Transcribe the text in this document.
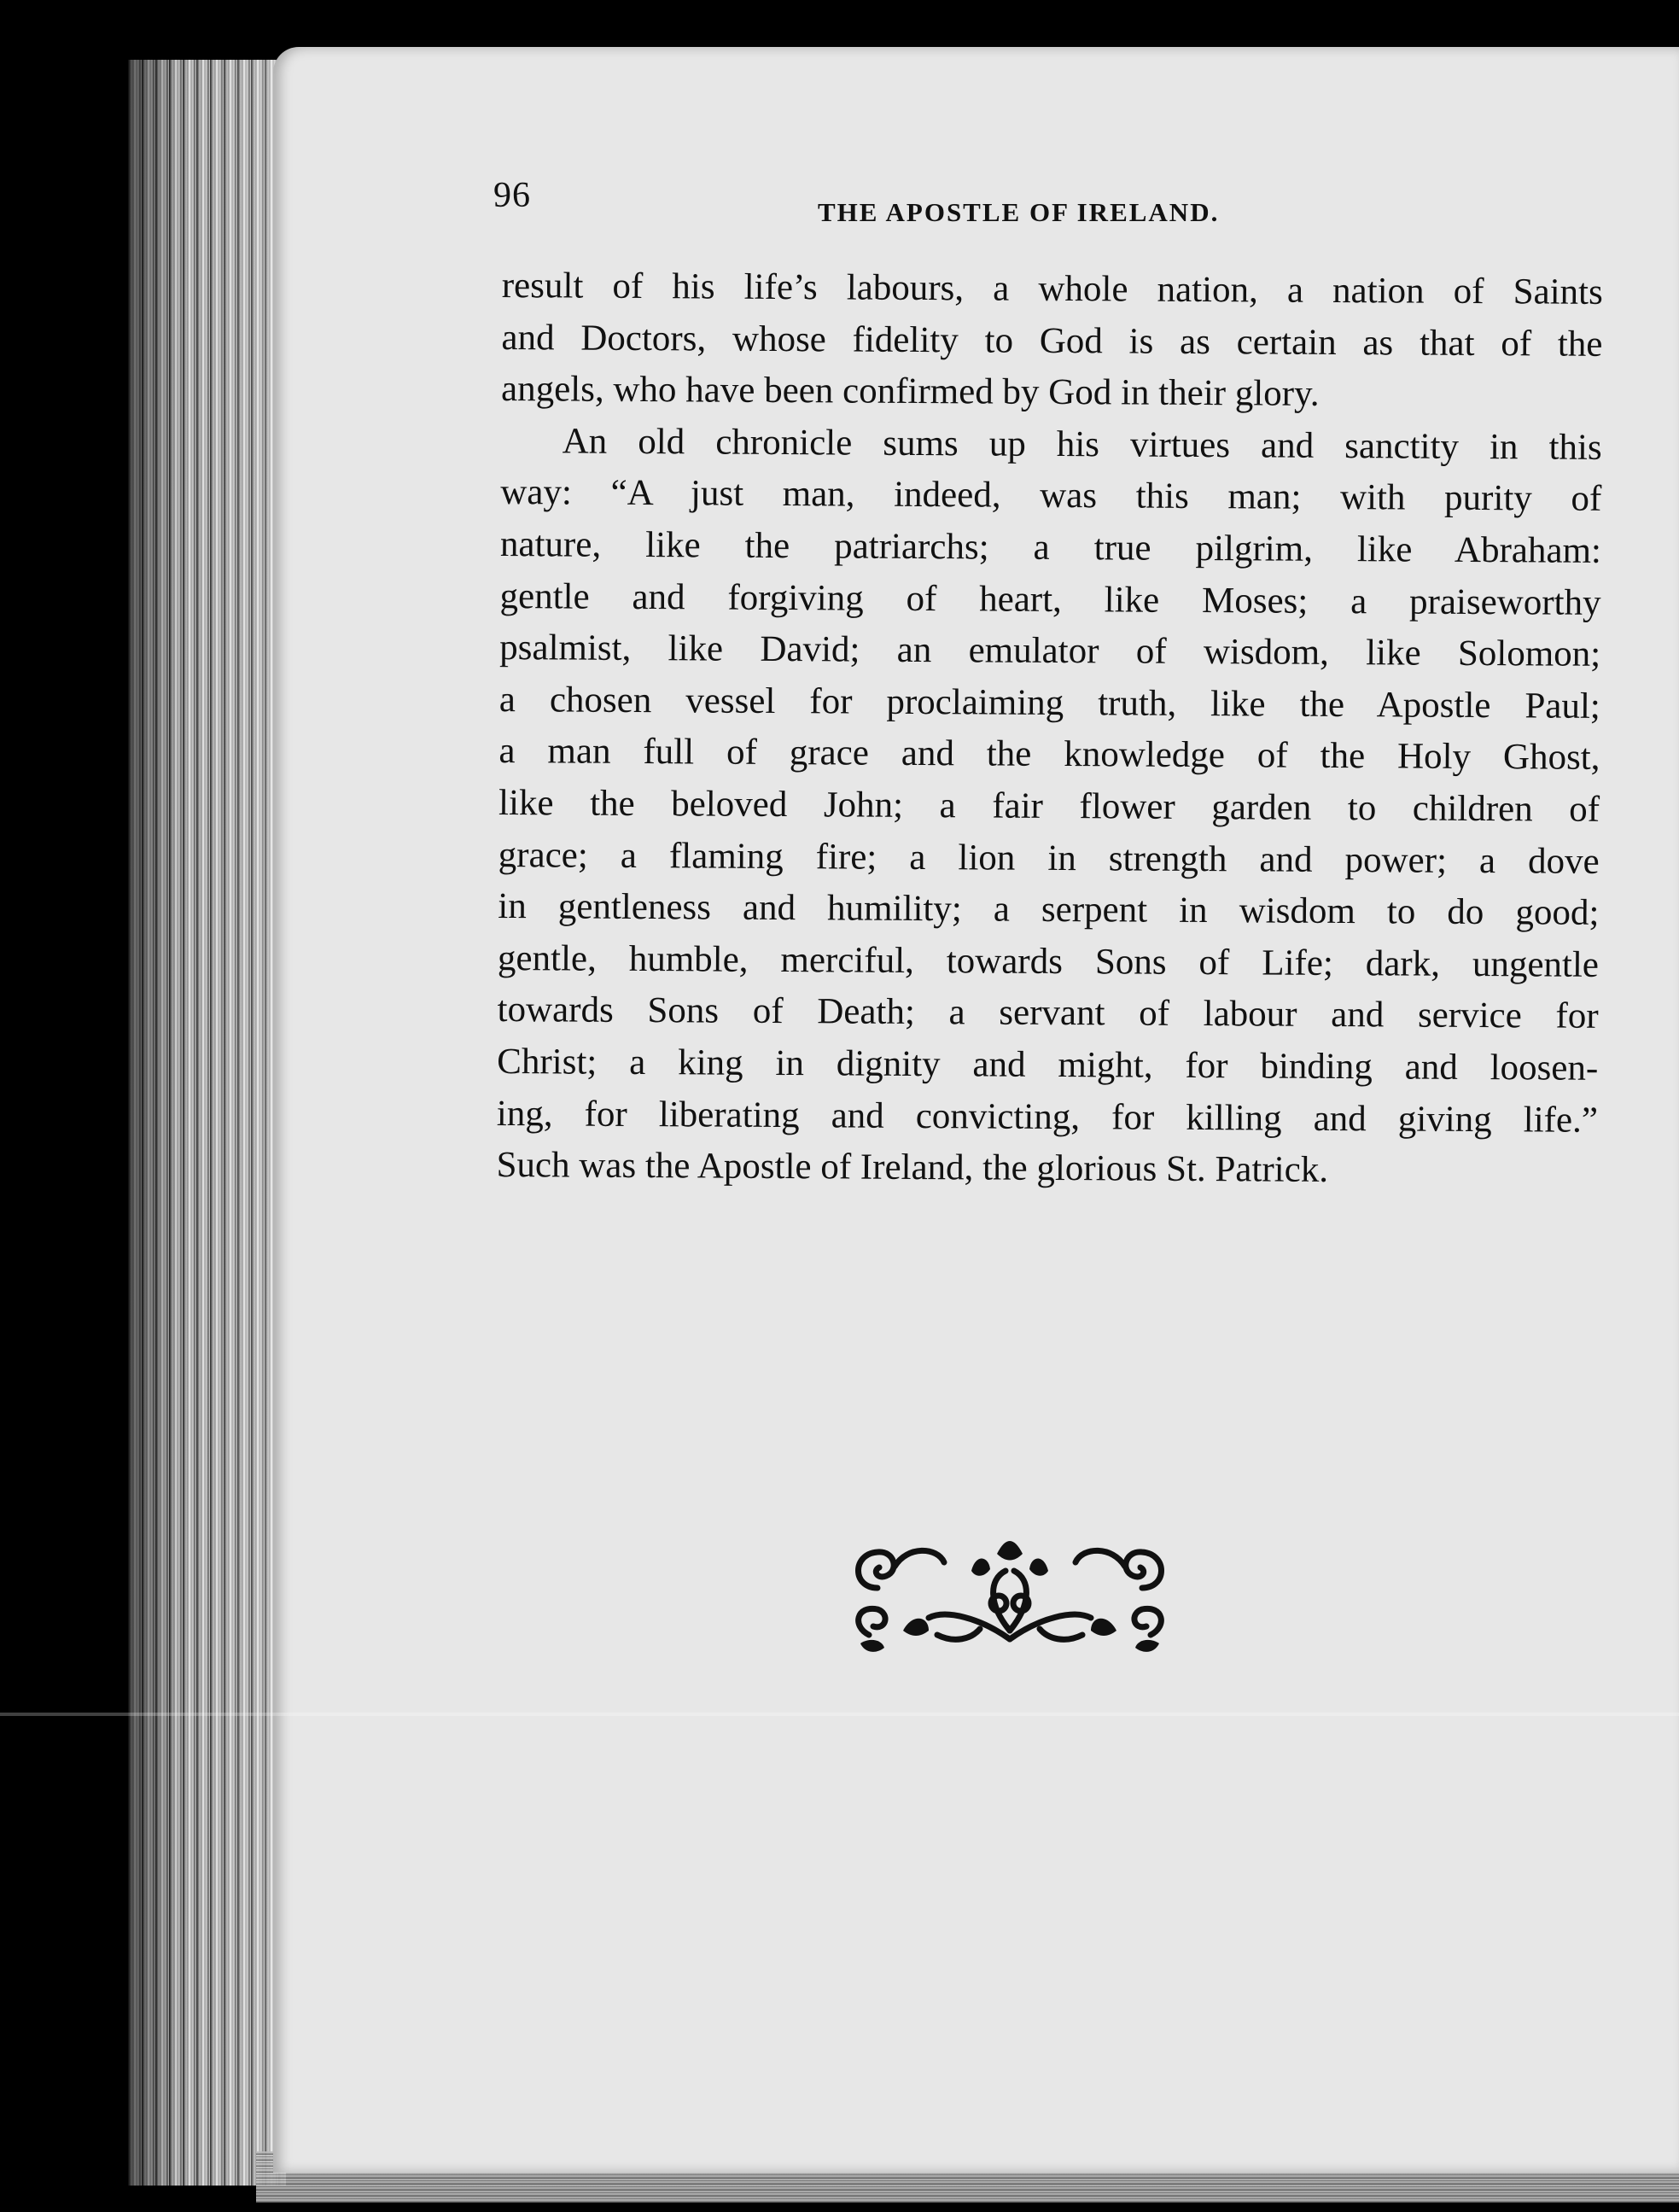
96	THE APOSTLE OF IRELAND.
result of his life’s labours, a whole nation, a nation of Saints
and Doctors, whose fidelity to God is as certain as that of the
angels, who have been confirmed by God in their glory.
An old chronicle sums up his virtues and sanctity in this
way: “A just man, indeed, was this man; with purity of
nature, like the patriarchs; a true pilgrim, like Abraham:
gentle and forgiving of heart, like Moses; a praiseworthy
psalmist, like David; an emulator of wisdom, like Solomon;
a chosen vessel for proclaiming truth, like the Apostle Paul;
a man full of grace and the knowledge of the Holy Ghost,
like the beloved John; a fair flower garden to children of
grace; a flaming fire; a lion in strength and power; a dove
in gentleness and humility; a serpent in wisdom to do good;
gentle, humble, merciful, towards Sons of Life; dark, ungentle
towards Sons of Death; a servant of labour and service for
Christ; a king in dignity and might, for binding and loosen-
ing, for liberating and convicting, for killing and giving life.”
Such was the Apostle of Ireland, the glorious St. Patrick.
